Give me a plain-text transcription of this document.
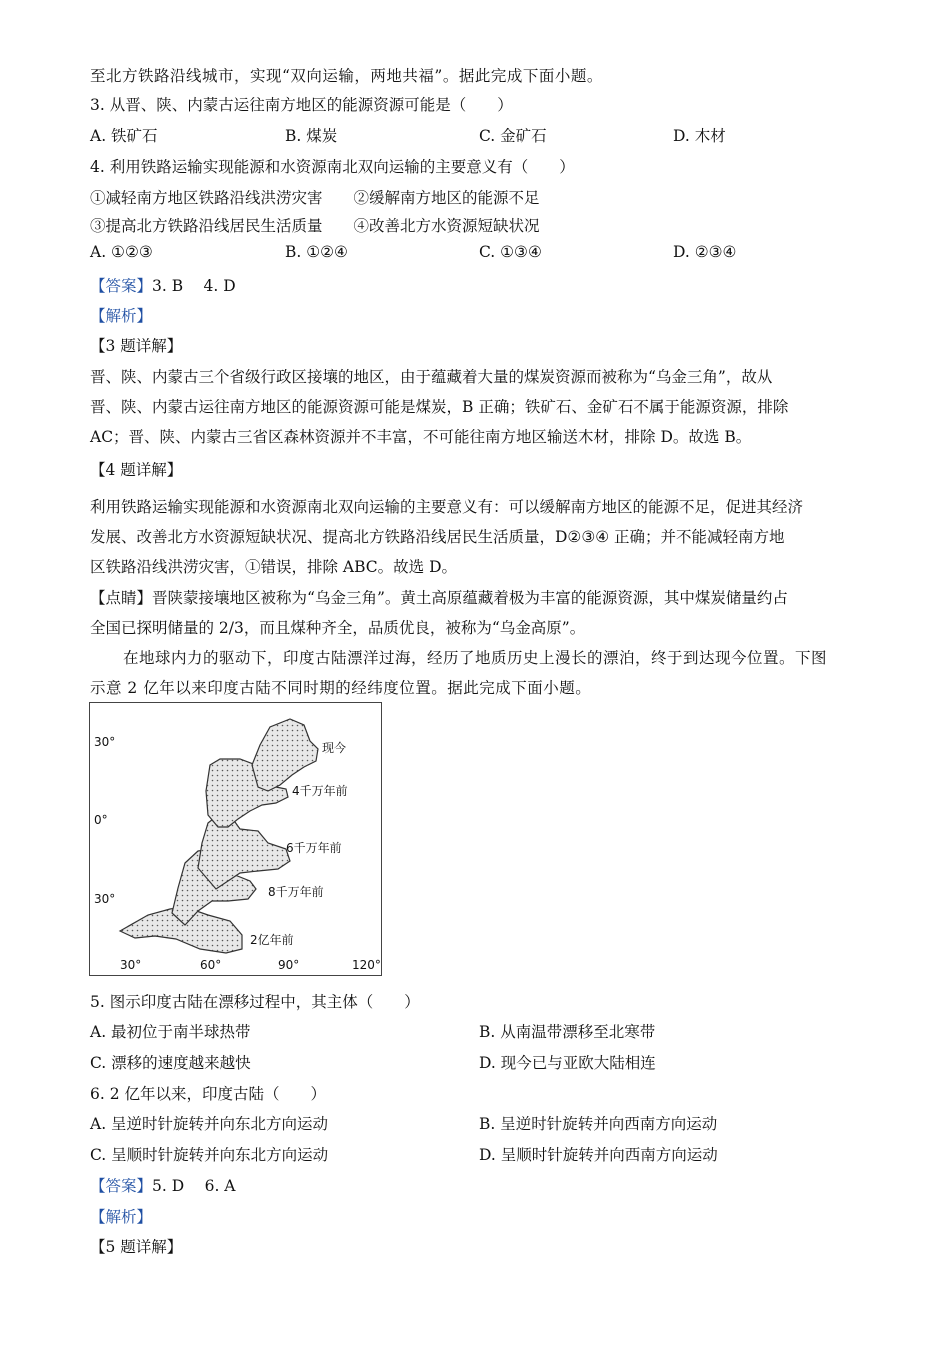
至北方铁路沿线城市，实现“双向运输，两地共福”。据此完成下面小题。
3. 从晋、陕、内蒙古运往南方地区的能源资源可能是（　　）
A. 铁矿石	B. 煤炭	C. 金矿石	D. 木材
4. 利用铁路运输实现能源和水资源南北双向运输的主要意义有（　　）
①减轻南方地区铁路沿线洪涝灾害　　②缓解南方地区的能源不足
③提高北方铁路沿线居民生活质量　　④改善北方水资源短缺状况
A. ①②③	B. ①②④	C. ①③④	D. ②③④
【答案】3. B　 4. D
【解析】
【3 题详解】
晋、陕、内蒙古三个省级行政区接壤的地区，由于蕴藏着大量的煤炭资源而被称为“乌金三角”，故从
晋、陕、内蒙古运往南方地区的能源资源可能是煤炭，B 正确；铁矿石、金矿石不属于能源资源，排除
AC；晋、陕、内蒙古三省区森林资源并不丰富，不可能往南方地区输送木材，排除 D。故选 B。
【4 题详解】
利用铁路运输实现能源和水资源南北双向运输的主要意义有：可以缓解南方地区的能源不足，促进其经济
发展、改善北方水资源短缺状况、提高北方铁路沿线居民生活质量，D②③④ 正确；并不能减轻南方地
区铁路沿线洪涝灾害，①错误，排除 ABC。故选 D。
【点睛】晋陕蒙接壤地区被称为“乌金三角”。黄土高原蕴藏着极为丰富的能源资源，其中煤炭储量约占
全国已探明储量的 2/3，而且煤种齐全，品质优良，被称为“乌金高原”。
在地球内力的驱动下，印度古陆漂洋过海，经历了地质历史上漫长的漂泊，终于到达现今位置。下图
示意 2 亿年以来印度古陆不同时期的经纬度位置。据此完成下面小题。
30°
0°
30°
30°	60°	90°	120°
现今
4千万年前
6千万年前
8千万年前
2亿年前
5. 图示印度古陆在漂移过程中，其主体（　　）
A. 最初位于南半球热带	B. 从南温带漂移至北寒带
C. 漂移的速度越来越快	D. 现今已与亚欧大陆相连
6. 2 亿年以来，印度古陆（　　）
A. 呈逆时针旋转并向东北方向运动	B. 呈逆时针旋转并向西南方向运动
C. 呈顺时针旋转并向东北方向运动	D. 呈顺时针旋转并向西南方向运动
【答案】5. D　 6. A
【解析】
【5 题详解】
